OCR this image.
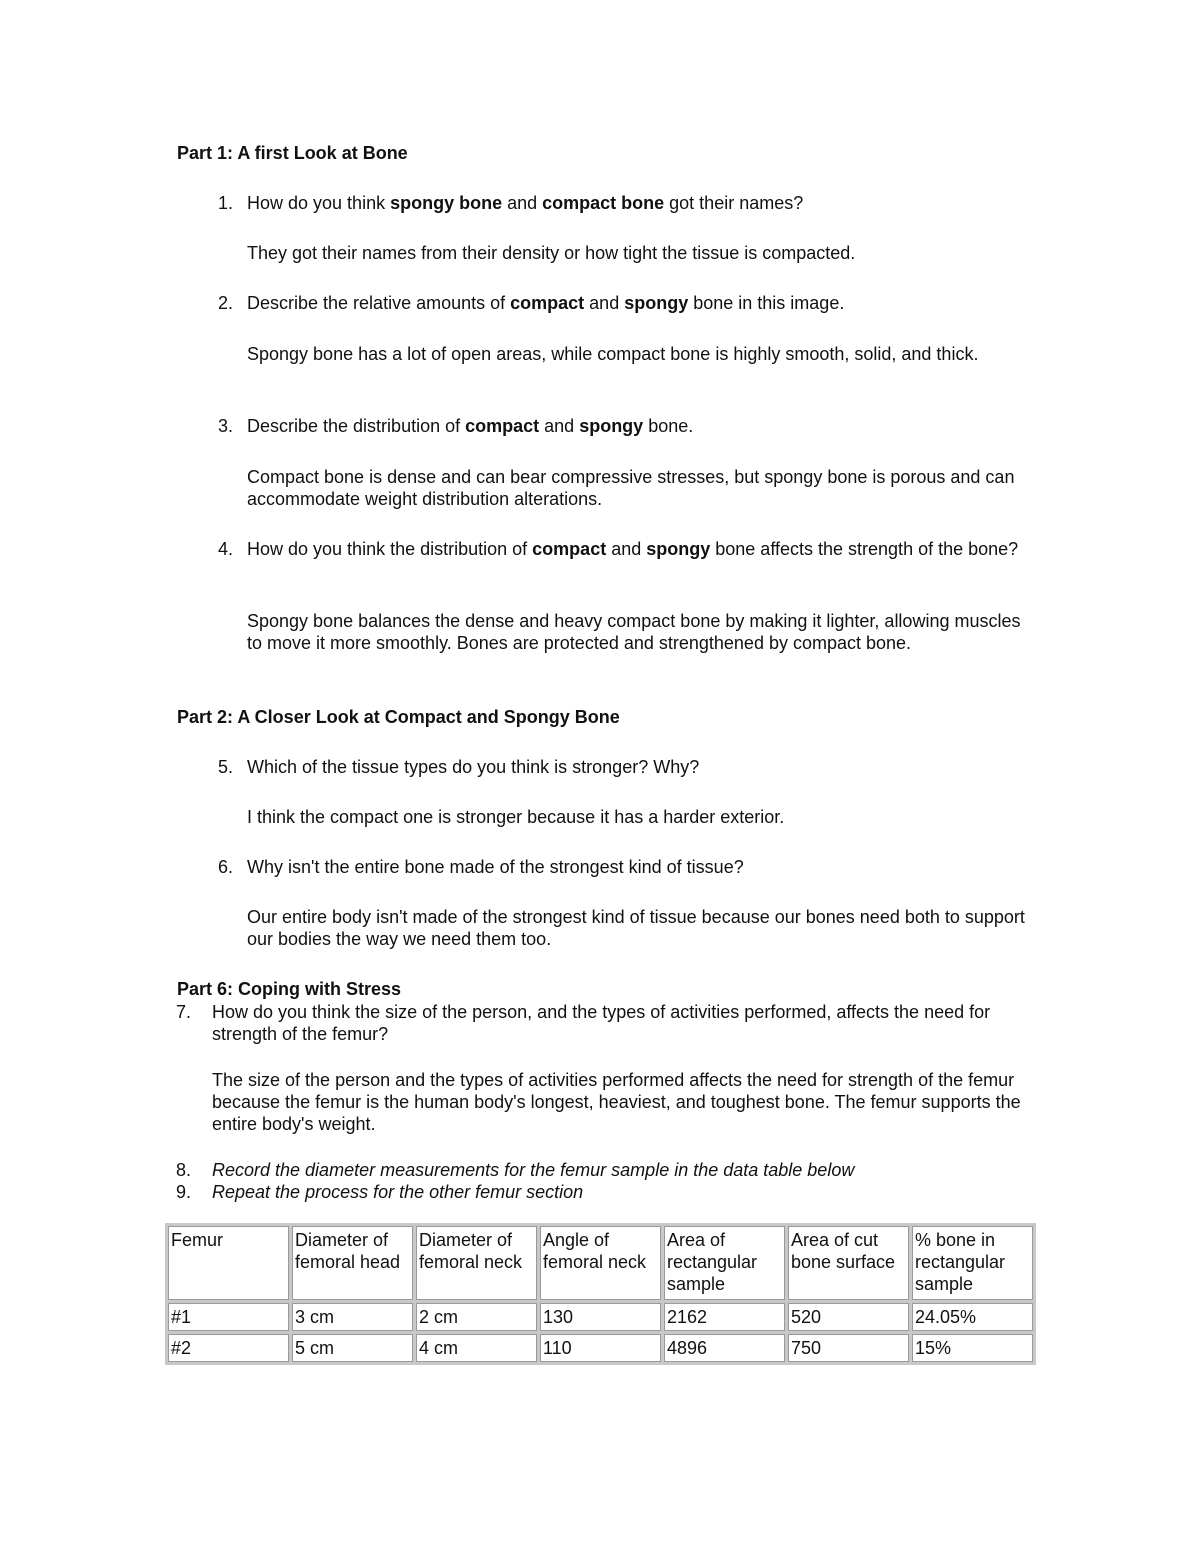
Part 1: A first Look at Bone
1. How do you think spongy bone and compact bone got their names?
They got their names from their density or how tight the tissue is compacted.
2. Describe the relative amounts of compact and spongy bone in this image.
Spongy bone has a lot of open areas, while compact bone is highly smooth, solid, and thick.
3. Describe the distribution of compact and spongy bone.
Compact bone is dense and can bear compressive stresses, but spongy bone is porous and can accommodate weight distribution alterations.
4. How do you think the distribution of compact and spongy bone affects the strength of the bone?
Spongy bone balances the dense and heavy compact bone by making it lighter, allowing muscles to move it more smoothly. Bones are protected and strengthened by compact bone.
Part 2: A Closer Look at Compact and Spongy Bone
5. Which of the tissue types do you think is stronger? Why?
I think the compact one is stronger because it has a harder exterior.
6. Why isn't the entire bone made of the strongest kind of tissue?
Our entire body isn't made of the strongest kind of tissue because our bones need both to support our bodies the way we need them too.
Part 6: Coping with Stress
7. How do you think the size of the person, and the types of activities performed, affects the need for strength of the femur?
The size of the person and the types of activities performed affects the need for strength of the femur because the femur is the human body's longest, heaviest, and toughest bone. The femur supports the entire body's weight.
8. Record the diameter measurements for the femur sample in the data table below
9. Repeat the process for the other femur section
Femur	Diameter of femoral head	Diameter of femoral neck	Angle of femoral neck	Area of rectangular sample	Area of cut bone surface	% bone in rectangular sample
#1	3 cm	2 cm	130	2162	520	24.05%
#2	5 cm	4 cm	110	4896	750	15%
